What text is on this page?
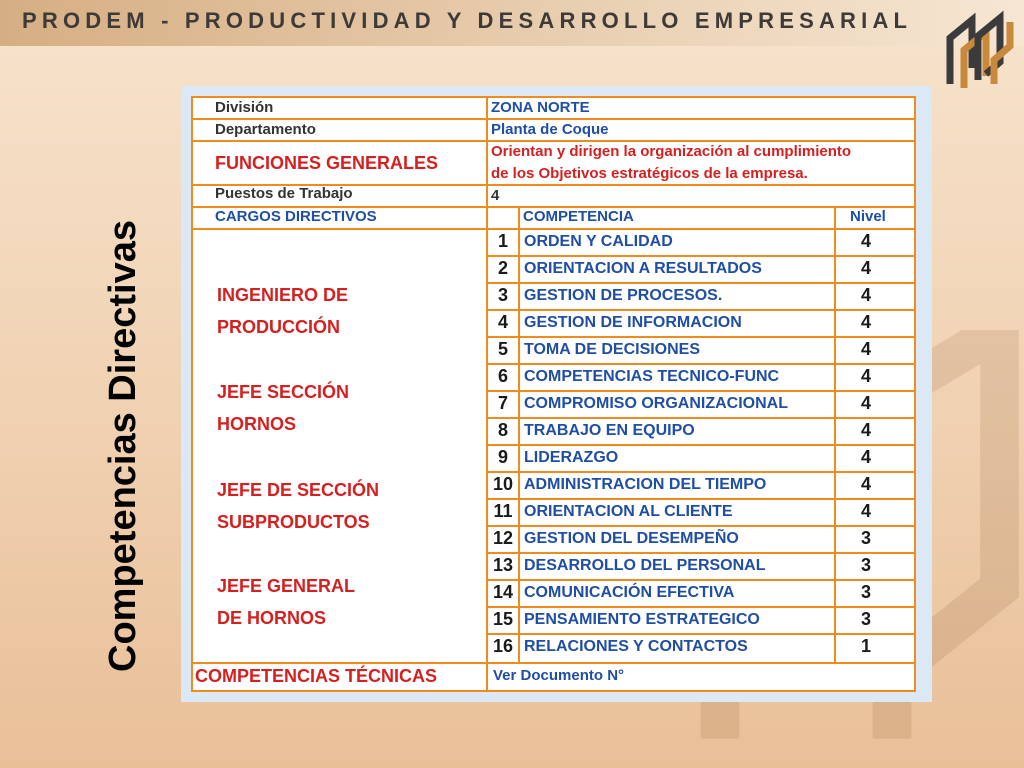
PRODEM - PRODUCTIVIDAD Y DESARROLLO EMPRESARIAL
Competencias Directivas
División	ZONA NORTE
Departamento	Planta de Coque
FUNCIONES GENERALES
Orientan y dirigen la organización al cumplimiento
de los Objetivos estratégicos de la empresa.
Puestos de Trabajo	4
CARGOS DIRECTIVOS	COMPETENCIA	Nivel
INGENIERO DE
PRODUCCIÓN
JEFE SECCIÓN
HORNOS
JEFE DE SECCIÓN
SUBPRODUCTOS
JEFE GENERAL
DE HORNOS
1	ORDEN Y CALIDAD	4
2	ORIENTACION A RESULTADOS	4
3	GESTION DE PROCESOS.	4
4	GESTION DE INFORMACION	4
5	TOMA DE DECISIONES	4
6	COMPETENCIAS TECNICO-FUNC	4
7	COMPROMISO ORGANIZACIONAL	4
8	TRABAJO EN EQUIPO	4
9	LIDERAZGO	4
10 ADMINISTRACION DEL TIEMPO	4
11 ORIENTACION AL CLIENTE	4
12 GESTION DEL DESEMPEÑO	3
13 DESARROLLO DEL PERSONAL	3
14 COMUNICACIÓN EFECTIVA	3
15 PENSAMIENTO ESTRATEGICO	3
16 RELACIONES Y CONTACTOS	1
COMPETENCIAS TÉCNICAS	Ver Documento N°
